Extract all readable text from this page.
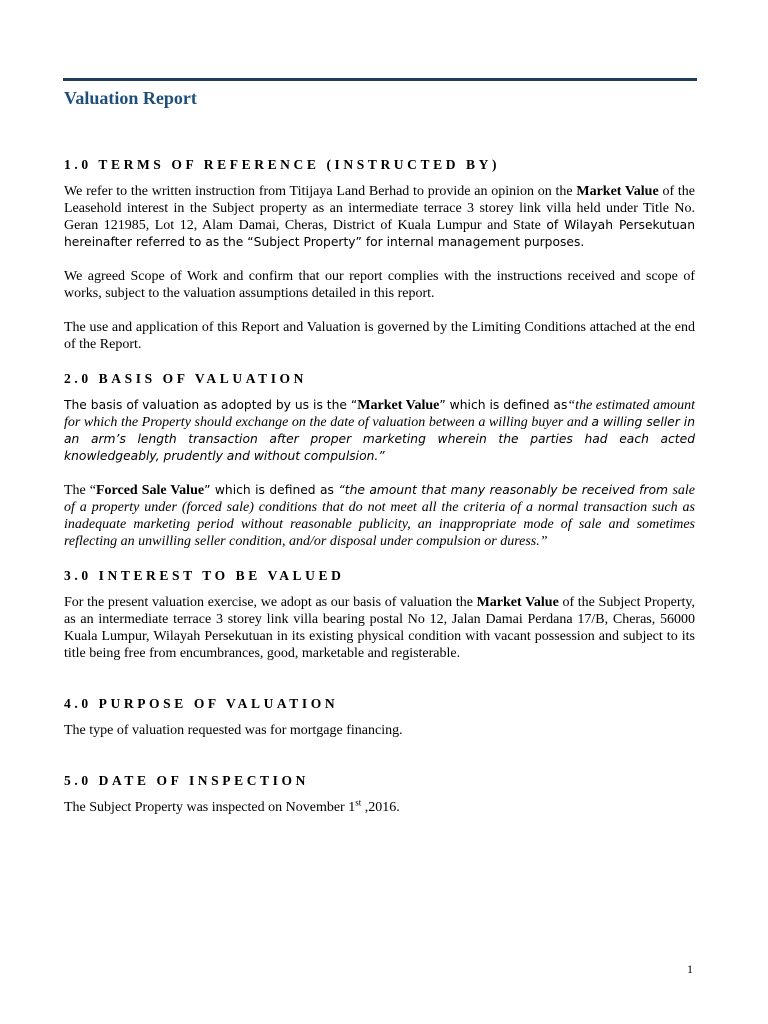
Valuation Report
1.0 TERMS OF REFERENCE (INSTRUCTED BY)

We refer to the written instruction from Titijaya Land Berhad to provide an opinion on the Market Value of the Leasehold interest in the Subject property as an intermediate terrace 3 storey link villa held under Title No. Geran 121985, Lot 12, Alam Damai, Cheras, District of Kuala Lumpur and State of Wilayah Persekutuan hereinafter referred to as the “Subject Property” for internal management purposes.

We agreed Scope of Work and confirm that our report complies with the instructions received and scope of works, subject to the valuation assumptions detailed in this report.

The use and application of this Report and Valuation is governed by the Limiting Conditions attached at the end of the Report.

2.0 BASIS OF VALUATION

The basis of valuation as adopted by us is the “Market Value” which is defined as“the estimated amount for which the Property should exchange on the date of valuation between a willing buyer and a willing seller in an arm’s length transaction after proper marketing wherein the parties had each acted knowledgeably, prudently and without compulsion.”

The “Forced Sale Value” which is defined as “the amount that many reasonably be received from sale of a property under (forced sale) conditions that do not meet all the criteria of a normal transaction such as inadequate marketing period without reasonable publicity, an inappropriate mode of sale and sometimes reflecting an unwilling seller condition, and/or disposal under compulsion or duress.”

3.0 INTEREST TO BE VALUED

For the present valuation exercise, we adopt as our basis of valuation the Market Value of the Subject Property, as an intermediate terrace 3 storey link villa bearing postal No 12, Jalan Damai Perdana 17/B, Cheras, 56000 Kuala Lumpur, Wilayah Persekutuan in its existing physical condition with vacant possession and subject to its title being free from encumbrances, good, marketable and registerable.

4.0 PURPOSE OF VALUATION

The type of valuation requested was for mortgage financing.

5.0 DATE OF INSPECTION

The Subject Property was inspected on November 1st ,2016.

1
